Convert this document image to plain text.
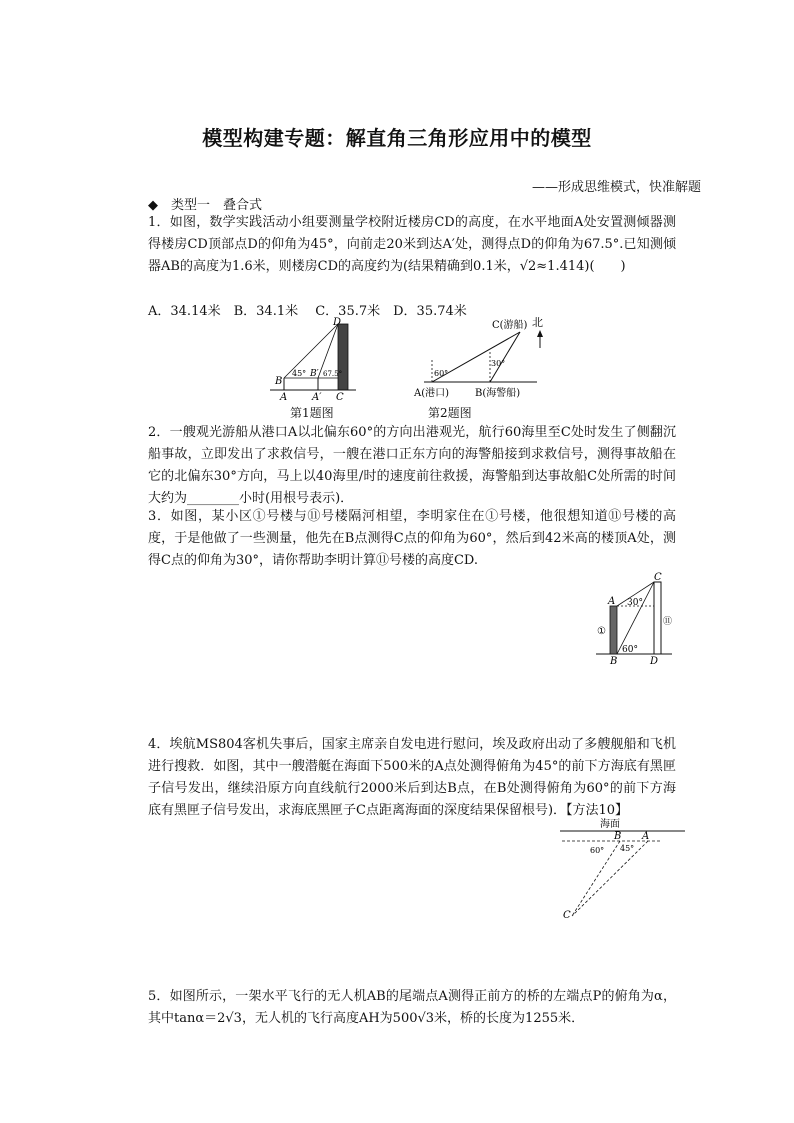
模型构建专题：解直角三角形应用中的模型
——形成思维模式，快准解题
◆　类型一　叠合式
1．如图，数学实践活动小组要测量学校附近楼房CD的高度，在水平地面A处安置测倾器测得楼房CD顶部点D的仰角为45°，向前走20米到达A′处，测得点D的仰角为67.5°.已知测倾器AB的高度为1.6米，则楼房CD的高度约为(结果精确到0.1米，√2≈1.414)(　　)
A．34.14米　B．34.1米　 C．35.7米　D．35.74米
D
B
B′
A A′ C
45° 67.5°
第1题图
北
C(游船)
60°
30°
A(港口)	B(海警船)
第2题图
2．一艘观光游船从港口A以北偏东60°的方向出港观光，航行60海里至C处时发生了侧翻沉船事故，立即发出了求救信号，一艘在港口正东方向的海警船接到求救信号，测得事故船在它的北偏东30°方向，马上以40海里/时的速度前往救援，海警船到达事故船C处所需的时间大约为________小时(用根号表示)．
3．如图，某小区①号楼与⑪号楼隔河相望，李明家住在①号楼，他很想知道⑪号楼的高度，于是他做了一些测量，他先在B点测得C点的仰角为60°，然后到42米高的楼顶A处，测得C点的仰角为30°，请你帮助李明计算⑪号楼的高度CD.
C
A
B	D
30°
60°
①
⑪
4．埃航MS804客机失事后，国家主席亲自发电进行慰问，埃及政府出动了多艘舰船和飞机进行搜救．如图，其中一艘潜艇在海面下500米的A点处测得俯角为45°的前下方海底有黑匣子信号发出，继续沿原方向直线航行2000米后到达B点，在B处测得俯角为60°的前下方海底有黑匣子信号发出，求海底黑匣子C点距离海面的深度结果保留根号)．【方法10】
海面
B A
C
60° 45°
5．如图所示，一架水平飞行的无人机AB的尾端点A测得正前方的桥的左端点P的俯角为α，其中tanα＝2√3，无人机的飞行高度AH为500√3米，桥的长度为1255米．
